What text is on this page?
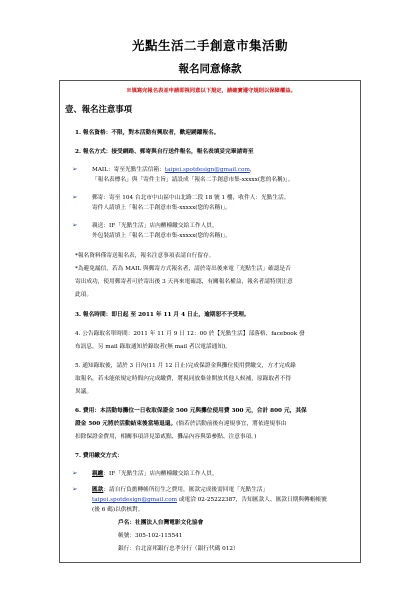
光點生活二手創意市集活動
報名同意條款
※填寫完報名表並申請即視同意以下規定，請確實遵守規則以保障權益。
壹、報名注意事項
1. 報名資格：不限，對本活動有興取者，歡迎踴躍報名。
2. 報名方式：接受網路、郵寄與自行送件報名，報名表填妥完畢請寄至
➢	MAIL：寄至光點生活信箱：taipei.spotdesign@gmail.com，
「報名表標名」與「寄件主旨」請設成「報名二手創意市集-xxxxx(您的名稱)」。
➢	郵寄：寄至 104 台北市中山區中山北路二段 18 號 1 樓，收件人：光點生活。
寄件人請填上「報名二手創意市集-xxxxx(您的名稱)」。
➢	親送：IF「光點生活」店內櫃檯繳交給工作人員。
外包裝請填上「報名二手創意市集-xxxxx(您的名稱)」。
*報名資料僅寄送報名表，報名注意事項表請自行留存。
*為避免漏信，若為 MAIL 與郵寄方式報名者，請於寄出後來電「光點生活」確認是否
寄出成功，使用郵寄者可於寄出後 3 天再來電確認，有關報名權益，報名者請特別注意
此項。
3. 報名時間：即日起 至 2011 年 11 月 4 日止，逾期恕不予受理。
4. 公告錄取名單時間：2011 年 11 月 9 日 12：00 於【光點生活】部落格、facebook 發
布訊息，另 mail 錄取通知於錄取者(無 mail 者以電話通知)。
5. 通知錄取後，請於 3 日內(11 月 12 日止)完成保證金與攤位使用費繳交，方才完成錄
取報名，若未能依規定時間內完成繳費，將視同放棄並開放其他人候補，原錄取者不得
異議。
6. 費用：本活動每攤位一日收取保證金 500 元與攤位使用費 300 元，合計 800 元，其保
證金 500 元將於活動結束後當場退還。(倘若於活動前後有違規事宜，將依違規事由
扣除保證金費用，相關事項詳見第貳點、攤品內容與第參點、注意事項。)
7. 費用繳交方式：
➢	親繳：IF「光點生活」店內櫃檯繳交給工作人員。
➢	匯款：請自行負擔轉帳所衍生之費用，匯款完成後需回電「光點生活」
taipei.spotdesign@gmail.com 或電洽 02-25222387，告知匯款人、匯款日期與轉帳帳號
(後 6 碼)以供核對。
戶名：社團法人台灣電影文化協會
帳號：305-102-115541
銀行：台北富邦銀行忠孝分行（銀行代碼 012）
